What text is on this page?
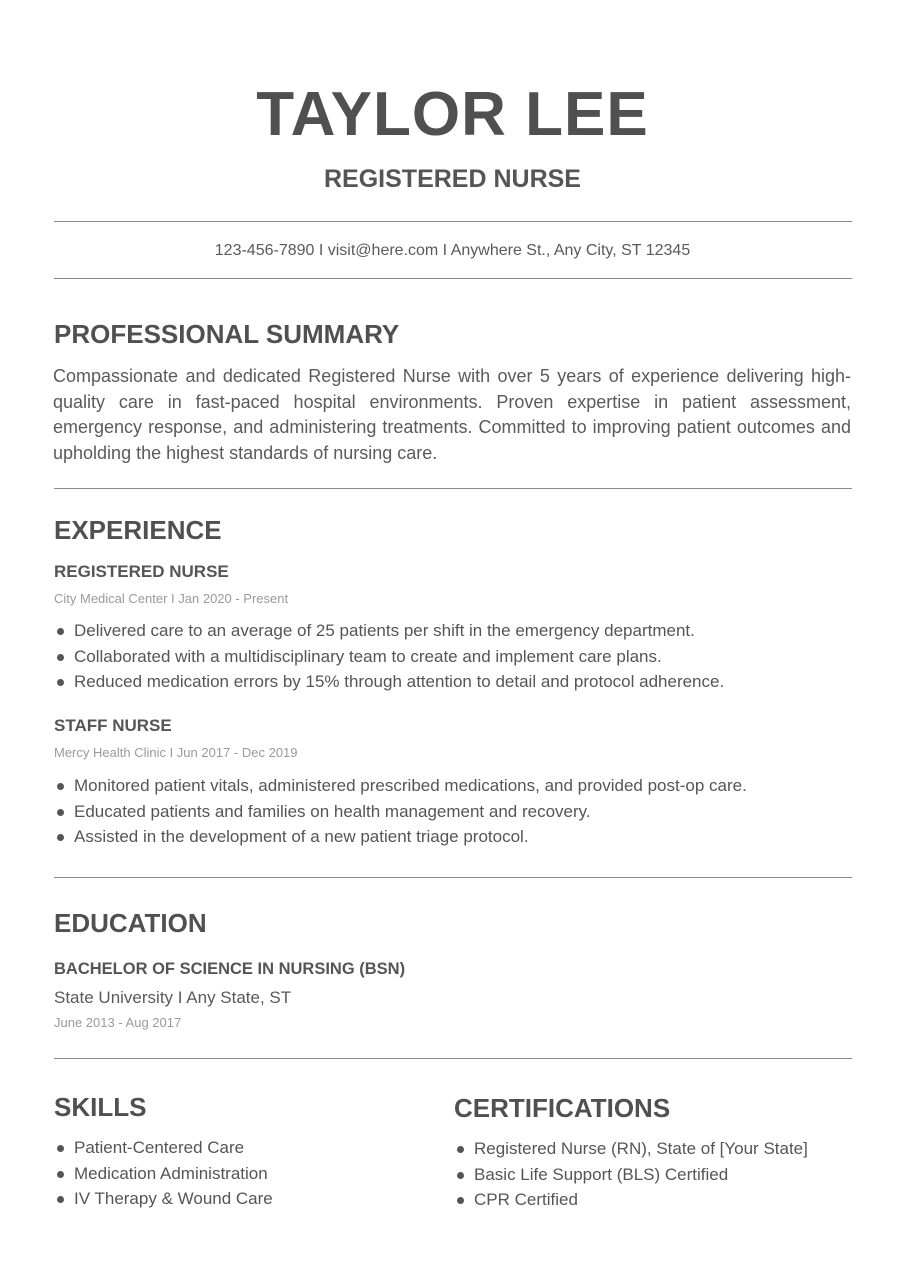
TAYLOR LEE
REGISTERED NURSE
123-456-7890 I visit@here.com I Anywhere St., Any City, ST 12345
PROFESSIONAL SUMMARY
Compassionate and dedicated Registered Nurse with over 5 years of experience delivering high-quality care in fast-paced hospital environments. Proven expertise in patient assessment, emergency response, and administering treatments. Committed to improving patient outcomes and upholding the highest standards of nursing care.
EXPERIENCE
REGISTERED NURSE
City Medical Center I Jan 2020 - Present
Delivered care to an average of 25 patients per shift in the emergency department.
Collaborated with a multidisciplinary team to create and implement care plans.
Reduced medication errors by 15% through attention to detail and protocol adherence.
STAFF NURSE
Mercy Health Clinic I Jun 2017 - Dec 2019
Monitored patient vitals, administered prescribed medications, and provided post-op care.
Educated patients and families on health management and recovery.
Assisted in the development of a new patient triage protocol.
EDUCATION
BACHELOR OF SCIENCE IN NURSING (BSN)
State University I Any State, ST
June 2013 - Aug 2017
SKILLS
Patient-Centered Care
Medication Administration
IV Therapy & Wound Care
CERTIFICATIONS
Registered Nurse (RN), State of [Your State]
Basic Life Support (BLS) Certified
CPR Certified
